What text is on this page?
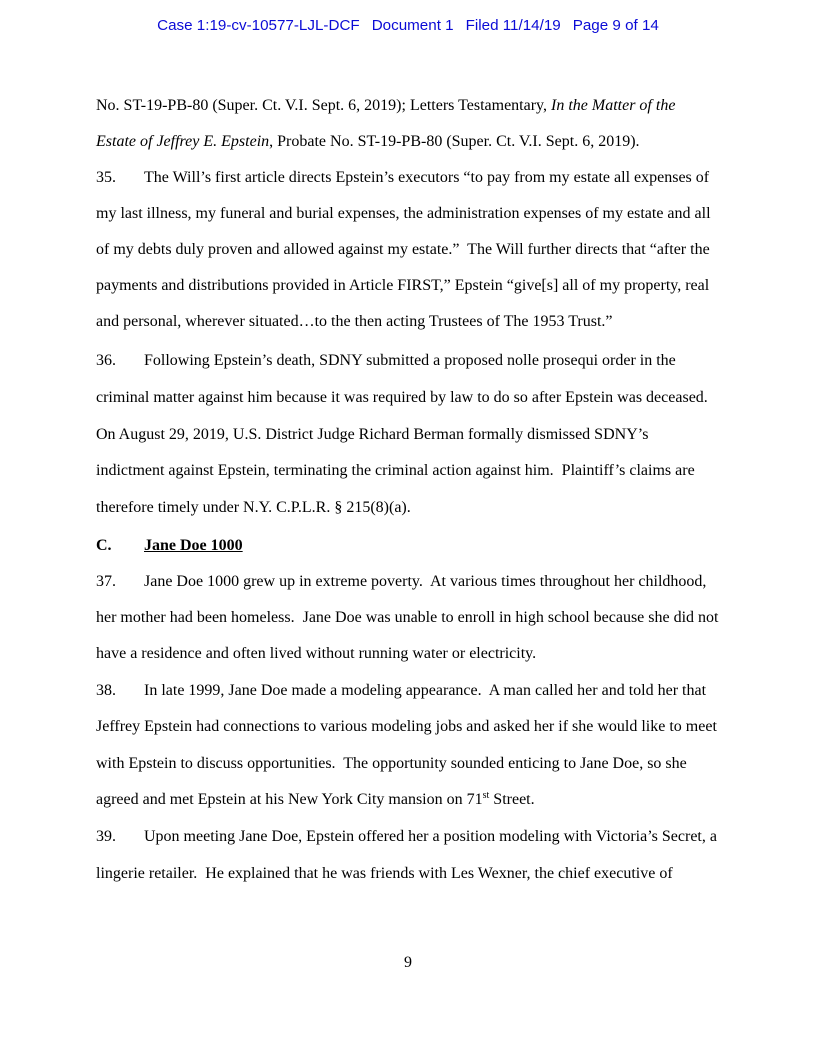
Case 1:19-cv-10577-LJL-DCF Document 1 Filed 11/14/19 Page 9 of 14
No. ST-19-PB-80 (Super. Ct. V.I. Sept. 6, 2019); Letters Testamentary, In the Matter of the
Estate of Jeffrey E. Epstein, Probate No. ST-19-PB-80 (Super. Ct. V.I. Sept. 6, 2019).
35. The Will’s first article directs Epstein’s executors “to pay from my estate all expenses of
my last illness, my funeral and burial expenses, the administration expenses of my estate and all
of my debts duly proven and allowed against my estate.”  The Will further directs that “after the
payments and distributions provided in Article FIRST,” Epstein “give[s] all of my property, real
and personal, wherever situated…to the then acting Trustees of The 1953 Trust.”
36. Following Epstein’s death, SDNY submitted a proposed nolle prosequi order in the
criminal matter against him because it was required by law to do so after Epstein was deceased.
On August 29, 2019, U.S. District Judge Richard Berman formally dismissed SDNY’s
indictment against Epstein, terminating the criminal action against him.  Plaintiff’s claims are
therefore timely under N.Y. C.P.L.R. § 215(8)(a).
C. Jane Doe 1000
37. Jane Doe 1000 grew up in extreme poverty.  At various times throughout her childhood,
her mother had been homeless.  Jane Doe was unable to enroll in high school because she did not
have a residence and often lived without running water or electricity.
38. In late 1999, Jane Doe made a modeling appearance.  A man called her and told her that
Jeffrey Epstein had connections to various modeling jobs and asked her if she would like to meet
with Epstein to discuss opportunities.  The opportunity sounded enticing to Jane Doe, so she
agreed and met Epstein at his New York City mansion on 71st Street.
39. Upon meeting Jane Doe, Epstein offered her a position modeling with Victoria’s Secret, a
lingerie retailer.  He explained that he was friends with Les Wexner, the chief executive of
9
